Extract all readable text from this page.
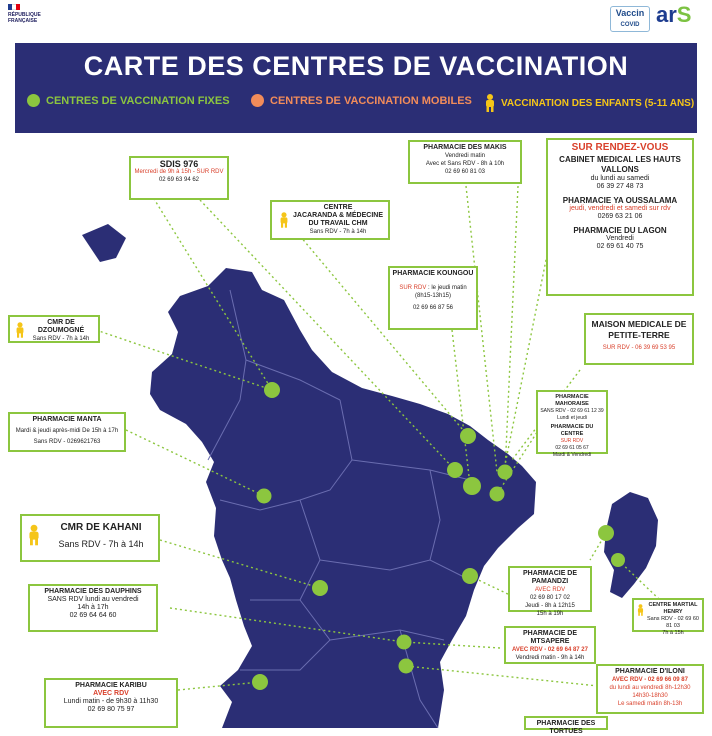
RÉPUBLIQUE
FRANÇAISE
Vaccin
COVID arS
CARTE DES CENTRES DE VACCINATION
CENTRES DE VACCINATION FIXES	CENTRES DE VACCINATION MOBILES	VACCINATION DES ENFANTS (5-11 ANS)
SDIS 976
Mercredi de 9h à 15h - SUR RDV
02 69 63 94 62
PHARMACIE DES MAKIS
Vendredi matin
Avec et Sans RDV - 8h à 10h
02 69 60 81 03
CENTRE
JACARANDA & MÉDECINE DU TRAVAIL CHM
Sans RDV - 7h à 14h
PHARMACIE KOUNGOU
SUR RDV : le jeudi matin
(8h15-13h15)
02 69 66 87 56
CMR DE DZOUMOGNÉ
Sans RDV - 7h à 14h
PHARMACIE MANTA
Mardi & jeudi après-midi De 15h à 17h
Sans RDV - 0269621763
CMR DE KAHANI
Sans RDV - 7h à 14h
PHARMACIE DES DAUPHINS
SANS RDV lundi au vendredi
14h à 17h
02 69 64 64 60
PHARMACIE KARIBU
AVEC RDV
Lundi matin - de 9h30 à 11h30
02 69 80 75 97
SUR RENDEZ-VOUS
CABINET MEDICAL LES HAUTS VALLONS
du lundi au samedi
06 39 27 48 73
PHARMACIE YA OUSSALAMA
jeudi, vendredi et samedi sur rdv
0269 63 21 06
PHARMACIE DU LAGON
Vendredi
02 69 61 40 75
MAISON MEDICALE DE PETITE-TERRE
SUR RDV - 06 39 69 53 95
PHARMACIE MAHORAISE
SANS RDV - 02 69 61 12 39
Lundi et jeudi
PHARMACIE DU CENTRE
SUR RDV
02 69 61 05 67
Mardi & Vendredi
PHARMACIE DE PAMANDZI
AVEC RDV
02 69 80 17 02
Jeudi - 8h à 12h15
15h à 19h
CENTRE MARTIAL HENRY
Sans RDV - 02 69 60 81 03
7h à 15h
PHARMACIE DE MTSAPERE
AVEC RDV - 02 69 64 87 27
Vendredi matin - 9h à 14h
PHARMACIE D'ILONI
AVEC RDV - 02 69 66 09 87
du lundi au vendredi 8h-12h30
14h30-18h30
Le samedi matin 8h-13h
PHARMACIE DES TORTUES
